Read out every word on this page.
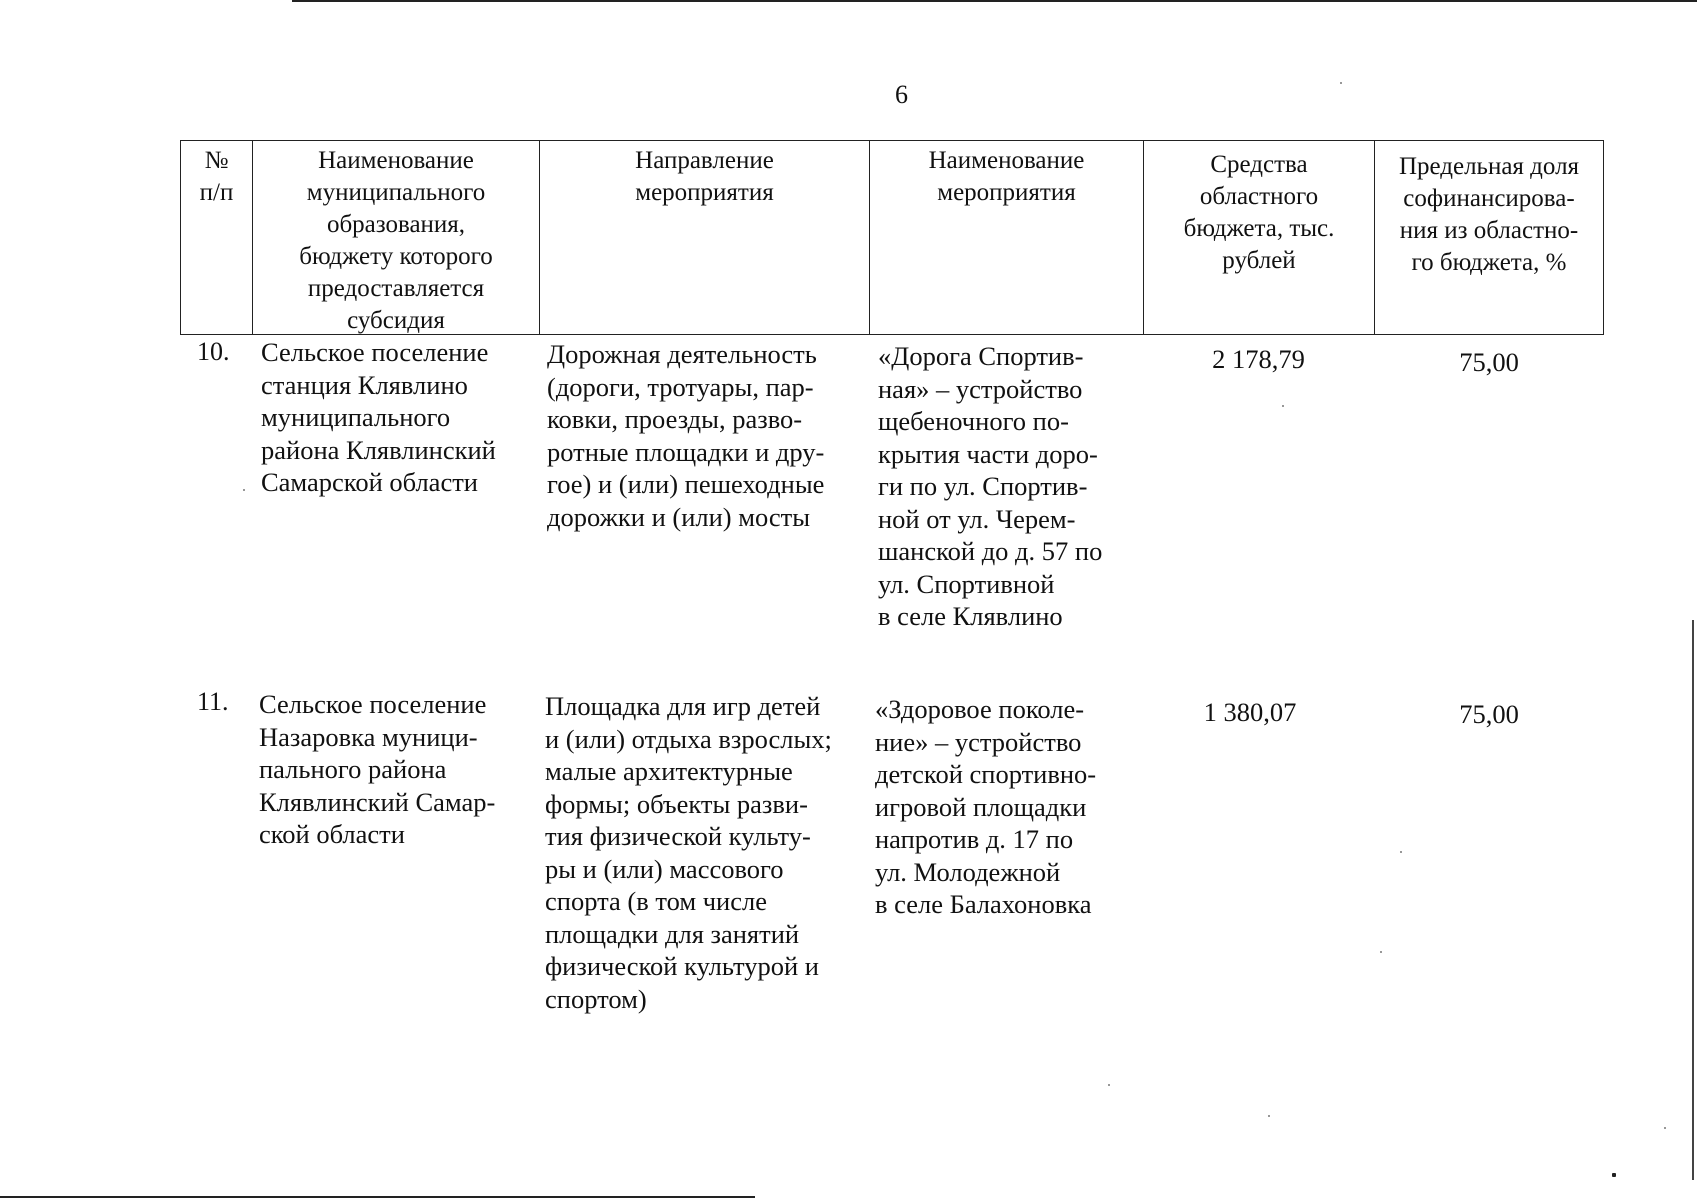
6
№
п/п
Наименование
муниципального
образования,
бюджету которого
предоставляется
субсидия
Направление
мероприятия
Наименование
мероприятия
Средства
областного
бюджета, тыс.
рублей
Предельная доля
софинансирова-
ния из областно-
го бюджета, %
10. Сельское поселение
станция Клявлино
муниципального
района Клявлинский
Самарской области
Дорожная деятельность
(дороги, тротуары, пар-
ковки, проезды, разво-
ротные площадки и дру-
гое) и (или) пешеходные
дорожки и (или) мосты
«Дорога Спортив-
ная» – устройство
щебеночного по-
крытия части доро-
ги по ул. Спортив-
ной от ул. Черем-
шанской до д. 57 по
ул. Спортивной
в селе Клявлино
2 178,79	75,00
11. Сельское поселение
Назаровка муници-
пального района
Клявлинский Самар-
ской области
Площадка для игр детей
и (или) отдыха взрослых;
малые архитектурные
формы; объекты разви-
тия физической культу-
ры и (или) массового
спорта (в том числе
площадки для занятий
физической культурой и
спортом)
«Здоровое поколе-
ние» – устройство
детской спортивно-
игровой площадки
напротив д. 17 по
ул. Молодежной
в селе Балахоновка
1 380,07	75,00
